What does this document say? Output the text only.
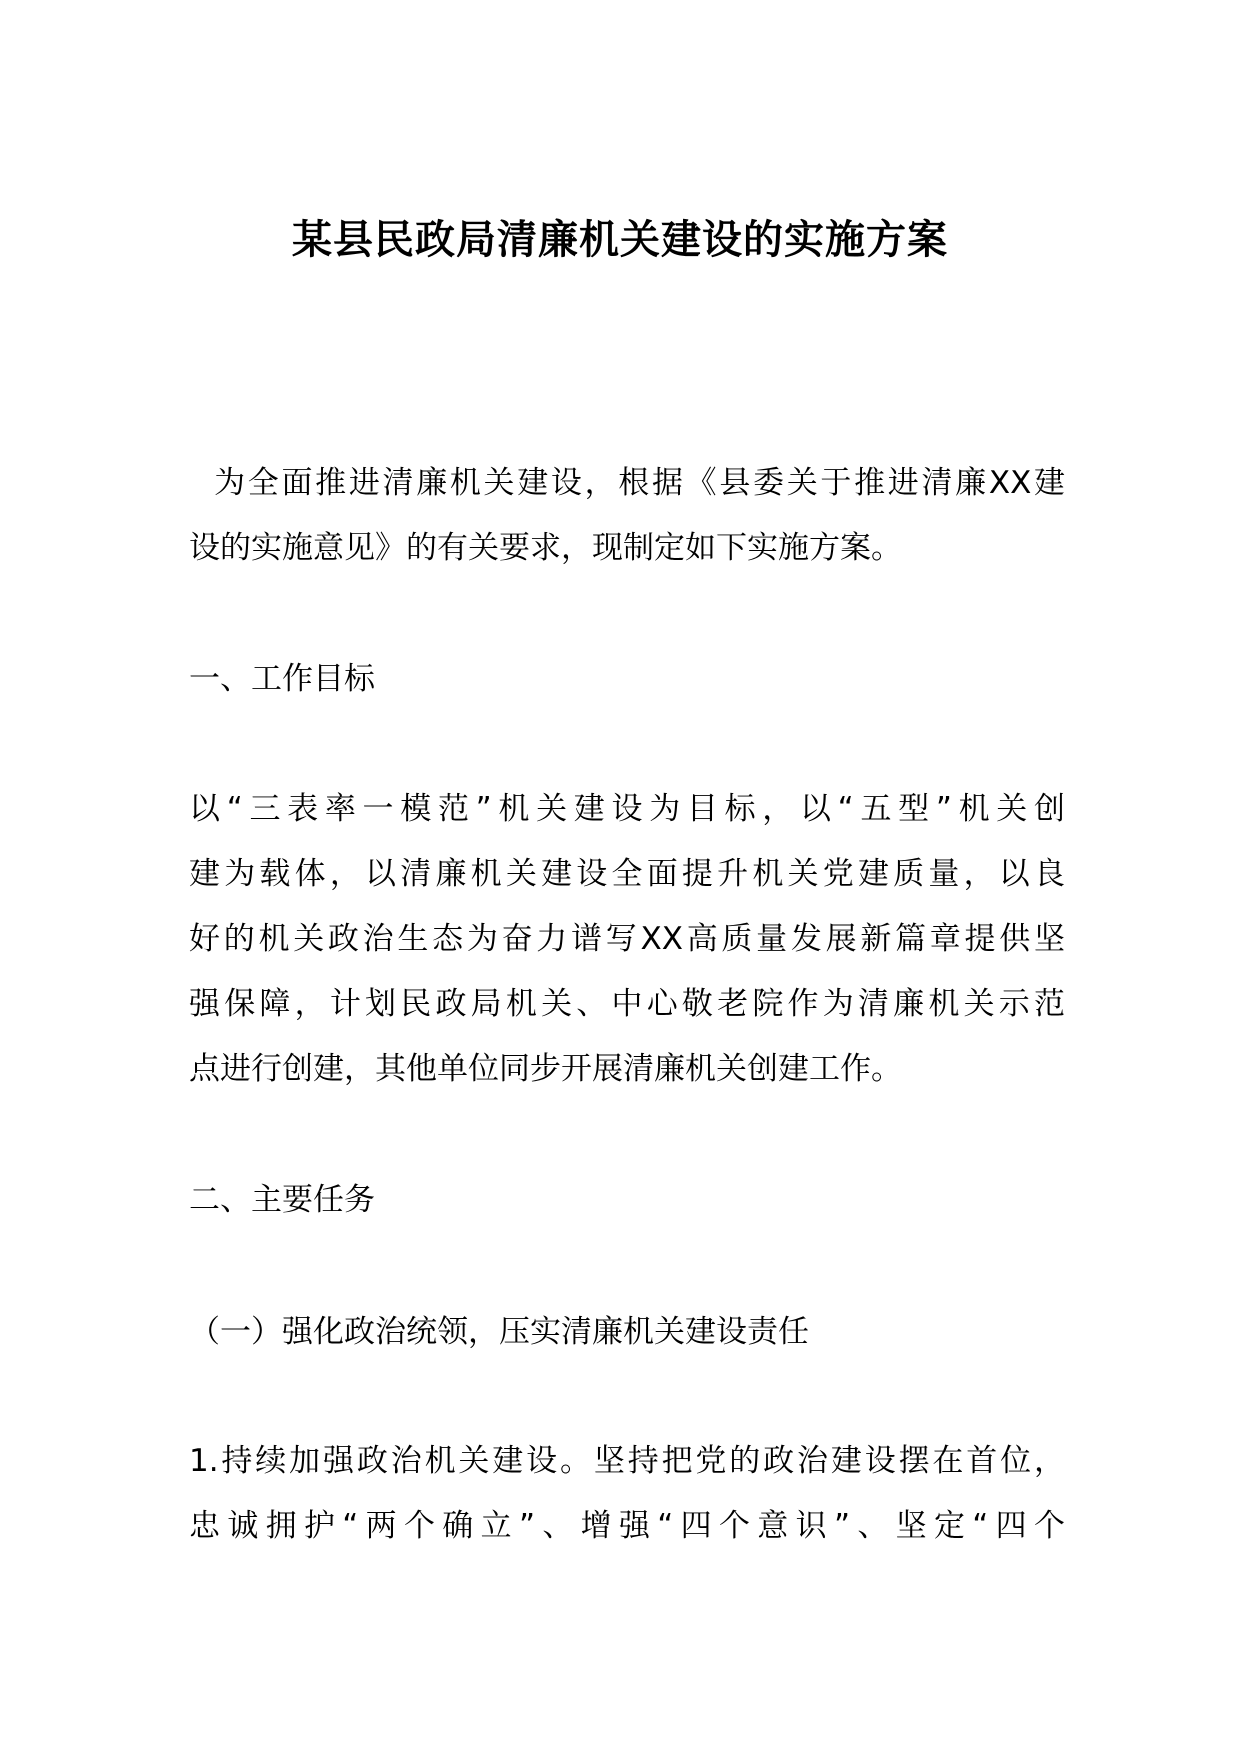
某县民政局清廉机关建设的实施方案
为全面推进清廉机关建设，根据《县委关于推进清廉XX建
设的实施意见》的有关要求，现制定如下实施方案。
一、工作目标
以“三表率一模范”机关建设为目标，以“五型”机关创
建为载体，以清廉机关建设全面提升机关党建质量，以良
好的机关政治生态为奋力谱写XX高质量发展新篇章提供坚
强保障，计划民政局机关、中心敬老院作为清廉机关示范
点进行创建，其他单位同步开展清廉机关创建工作。
二、主要任务
（一）强化政治统领，压实清廉机关建设责任
1.持续加强政治机关建设。坚持把党的政治建设摆在首位，
忠诚拥护“两个确立”、增强“四个意识”、坚定“四个
